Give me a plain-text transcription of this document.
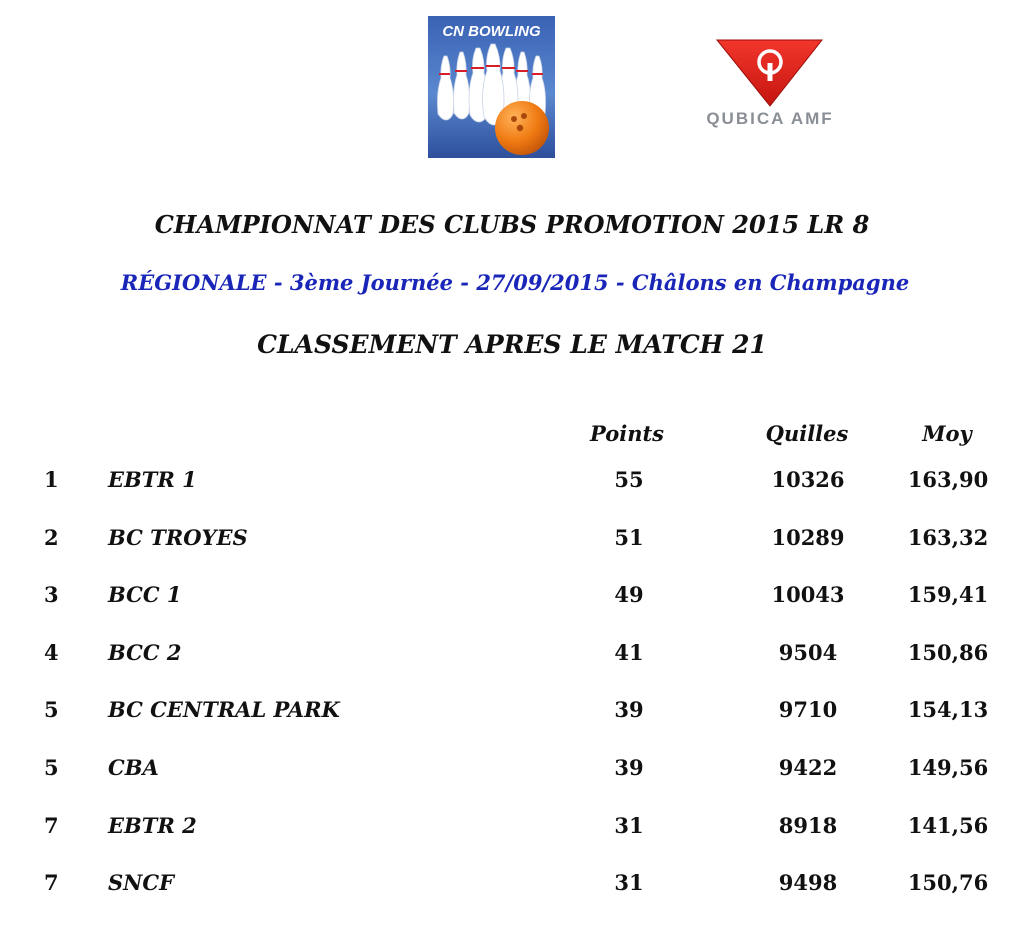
CN BOWLING
QUBICA AMF
CHAMPIONNAT DES CLUBS PROMOTION 2015 LR 8
RÉGIONALE - 3ème Journée - 27/09/2015 - Châlons en Champagne
CLASSEMENT APRES LE MATCH 21
Points	Quilles	Moy
1 EBTR 1	55	10326	163,90
2 BC TROYES	51	10289	163,32
3 BCC 1	49	10043	159,41
4 BCC 2	41	9504	150,86
5 BC CENTRAL PARK	39	9710	154,13
5 CBA	39	9422	149,56
7 EBTR 2	31	8918	141,56
7 SNCF	31	9498	150,76
